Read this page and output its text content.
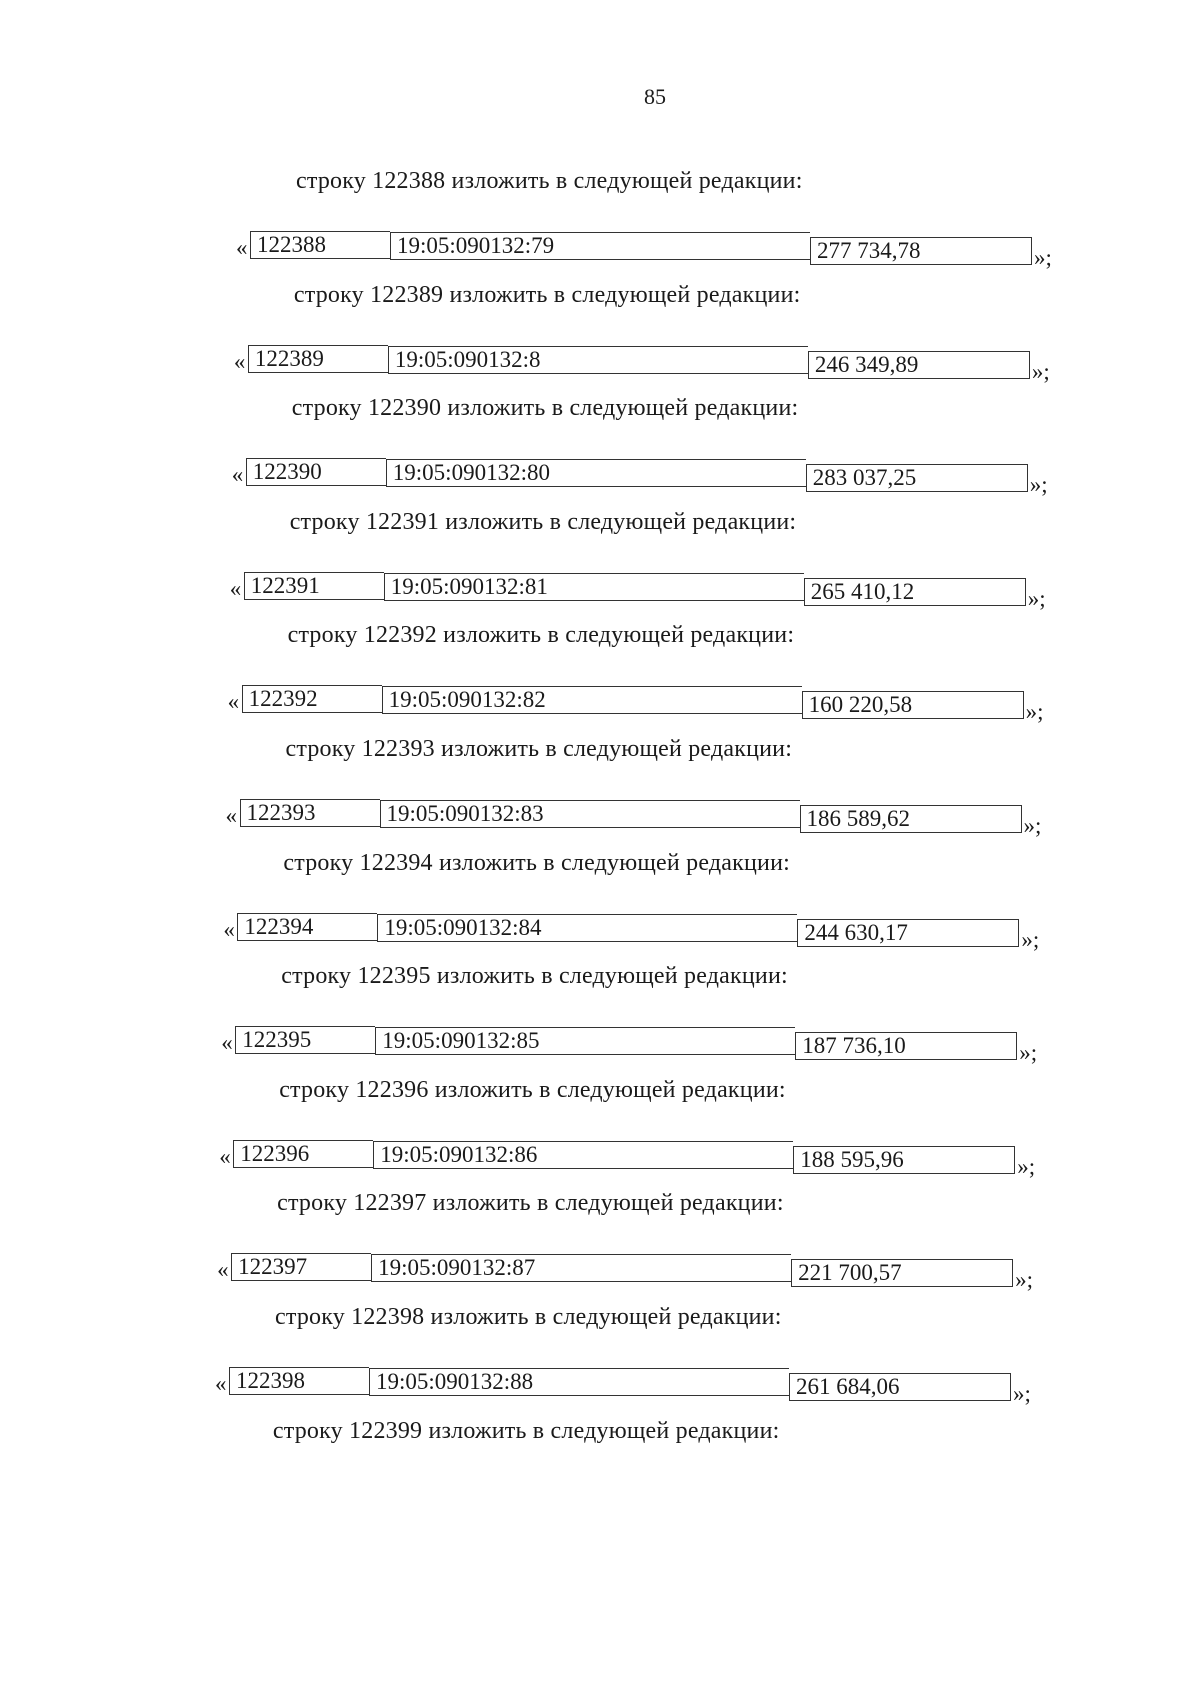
85
строку 122388 изложить в следующей редакции:
« 122388	19:05:090132:79	277 734,78	»;
строку 122389 изложить в следующей редакции:
« 122389	19:05:090132:8	246 349,89	»;
строку 122390 изложить в следующей редакции:
« 122390	19:05:090132:80	283 037,25	»;
строку 122391 изложить в следующей редакции:
« 122391	19:05:090132:81	265 410,12	»;
строку 122392 изложить в следующей редакции:
« 122392	19:05:090132:82	160 220,58	»;
строку 122393 изложить в следующей редакции:
« 122393	19:05:090132:83	186 589,62	»;
строку 122394 изложить в следующей редакции:
« 122394	19:05:090132:84	244 630,17	»;
строку 122395 изложить в следующей редакции:
« 122395	19:05:090132:85	187 736,10	»;
строку 122396 изложить в следующей редакции:
« 122396	19:05:090132:86	188 595,96	»;
строку 122397 изложить в следующей редакции:
« 122397	19:05:090132:87	221 700,57	»;
строку 122398 изложить в следующей редакции:
« 122398	19:05:090132:88	261 684,06	»;
строку 122399 изложить в следующей редакции:
